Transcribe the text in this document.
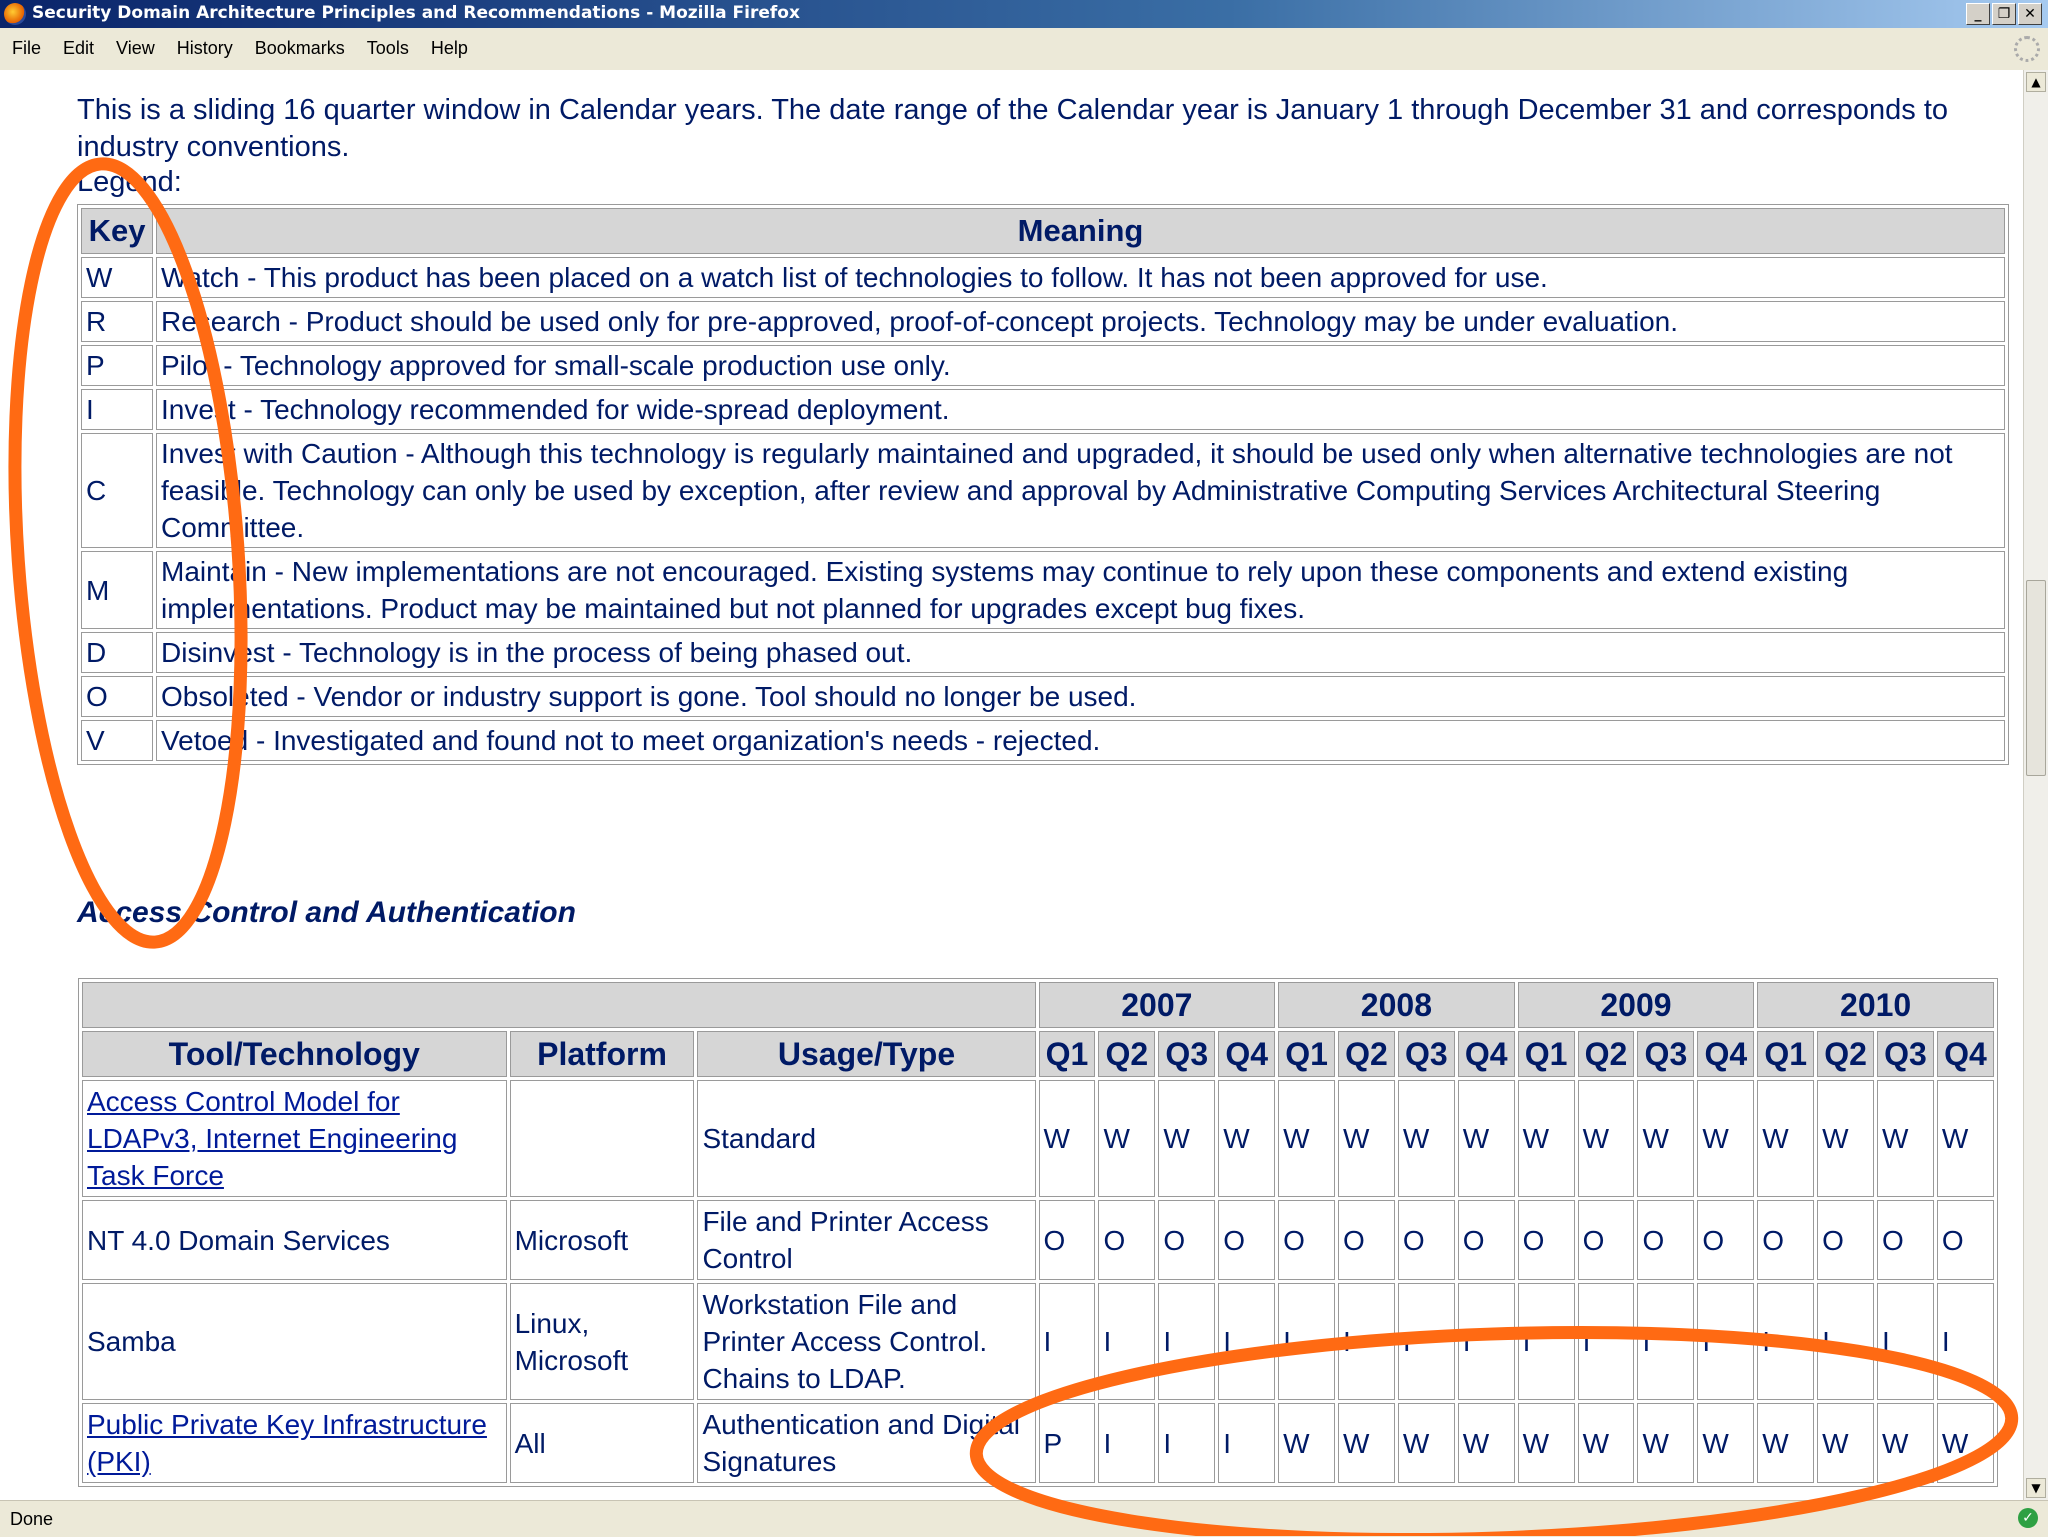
Security Domain Architecture Principles and Recommendations - Mozilla Firefox	_	❐ ✕
File	Edit	View	History	Bookmarks	Tools	Help
This is a sliding 16 quarter window in Calendar years. The date range of the Calendar year is January 1 through December 31 and corresponds to industry conventions.
Legend:
Key	Meaning
W	Watch - This product has been placed on a watch list of technologies to follow. It has not been approved for use.
R	Research - Product should be used only for pre-approved, proof-of-concept projects. Technology may be under evaluation.
P	Pilot - Technology approved for small-scale production use only.
I	Invest - Technology recommended for wide-spread deployment.
C	Invest with Caution - Although this technology is regularly maintained and upgraded, it should be used only when alternative technologies are not feasible. Technology can only be used by exception, after review and approval by Administrative Computing Services Architectural Steering Committee.
M	Maintain - New implementations are not encouraged. Existing systems may continue to rely upon these components and extend existing implementations. Product may be maintained but not planned for upgrades except bug fixes.
D	Disinvest - Technology is in the process of being phased out.
O	Obsoleted - Vendor or industry support is gone. Tool should no longer be used.
V	Vetoed - Investigated and found not to meet organization's needs - rejected.
Access Control and Authentication
			2007				2008				2009				2010			
Tool/Technology	Platform	Usage/Type	Q1	Q2	Q3	Q4	Q1	Q2	Q3	Q4	Q1	Q2	Q3	Q4	Q1	Q2	Q3	Q4
Access Control Model for LDAPv3, Internet Engineering Task Force		Standard	W	W	W	W	W	W	W	W	W	W	W	W	W	W	W	W
NT 4.0 Domain Services	Microsoft	File and Printer Access Control	O	O	O	O	O	O	O	O	O	O	O	O	O	O	O	O
Samba	Linux, Microsoft	Workstation File and Printer Access Control. Chains to LDAP.	I	I	I	I	I	I	I	I	I	I	I	I	I	I	I	I
Public Private Key Infrastructure (PKI)	All	Authentication and Digital Signatures	P	I	I	I	W	W	W	W	W	W	W	W	W	W	W	W
▲
▼
Done	✓
